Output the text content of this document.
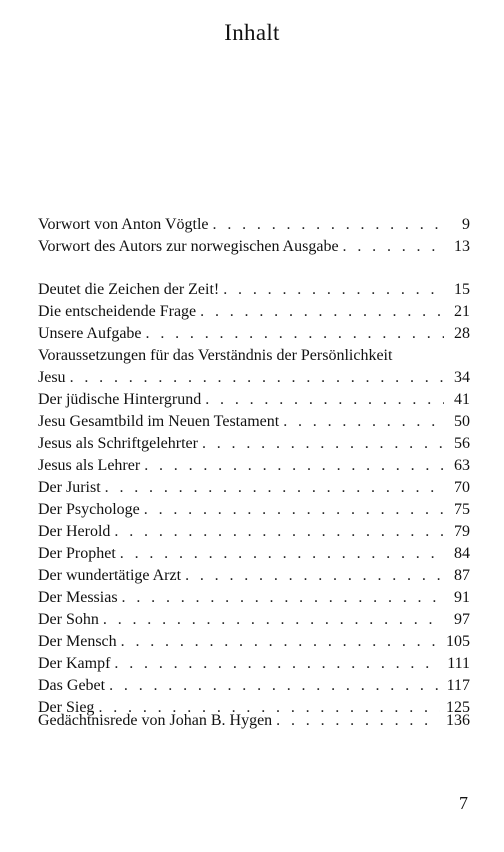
Inhalt
Vorwort von Anton Vögtle . . .	9
Vorwort des Autors zur norwegischen Ausgabe . . .	13
Deutet die Zeichen der Zeit! . . .	15
Die entscheidende Frage . . .	21
Unsere Aufgabe . . .	28
Voraussetzungen für das Verständnis der Persönlichkeit
Jesu . . .	34
Der jüdische Hintergrund . . .	41
Jesu Gesamtbild im Neuen Testament . . .	50
Jesus als Schriftgelehrter . . .	56
Jesus als Lehrer . . .	63
Der Jurist . . .	70
Der Psychologe . . .	75
Der Herold . . .	79
Der Prophet . . .	84
Der wundertätige Arzt . . .	87
Der Messias . . .	91
Der Sohn . . .	97
Der Mensch . . .	105
Der Kampf . . .	111
Das Gebet . . .	117
Der Sieg . . .	125
Gedächtnisrede von Johan B. Hygen . . .	136
7
